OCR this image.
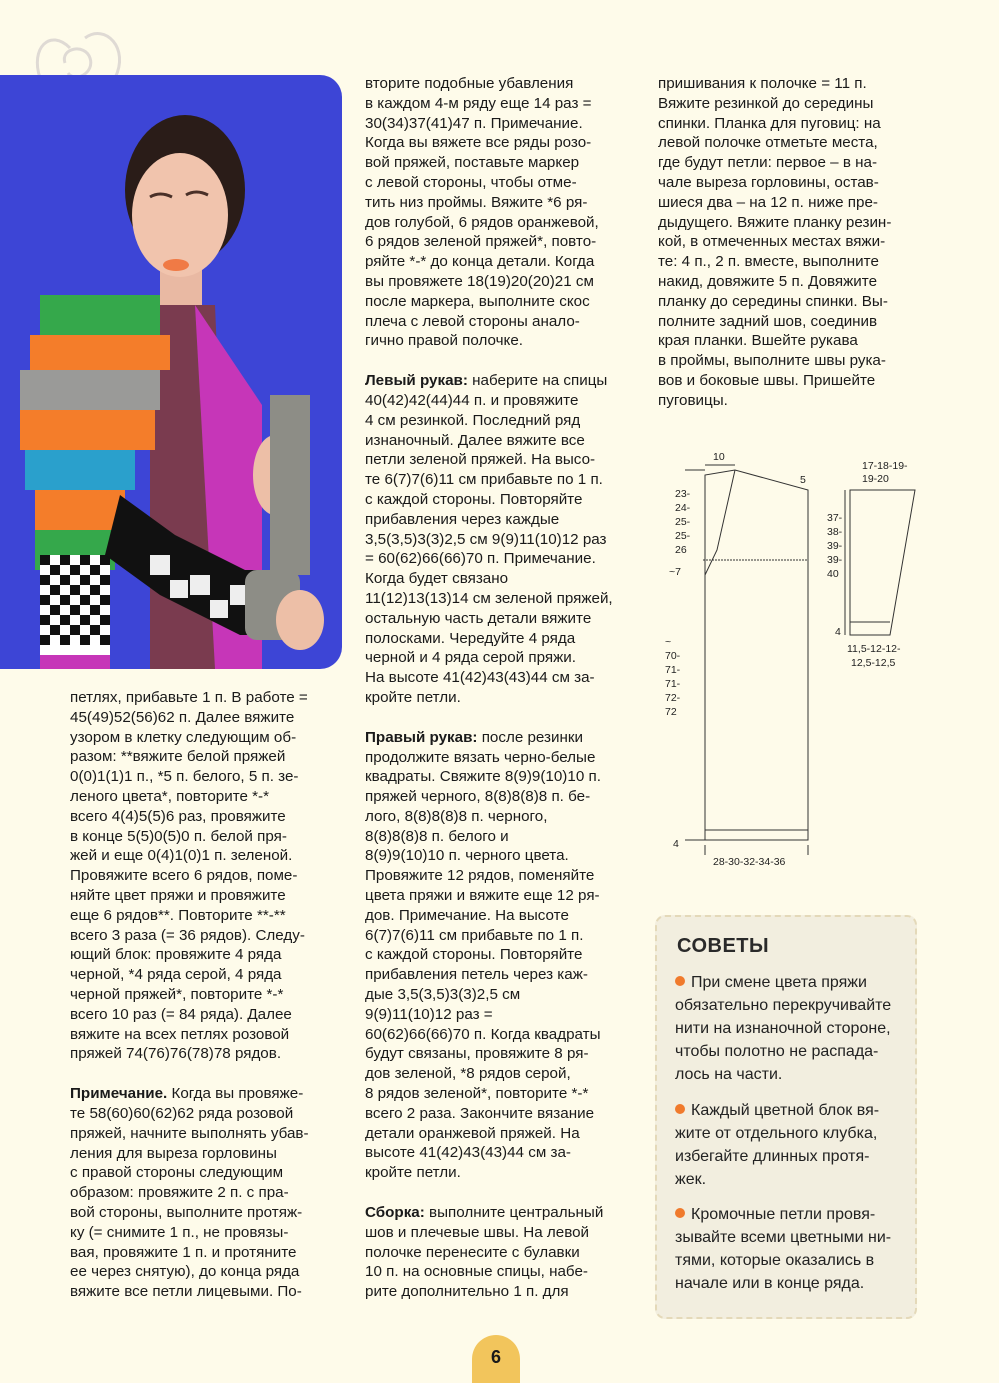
петлях, прибавьте 1 п. В работе =

45(49)52(56)62 п. Далее вяжите

узором в клетку следующим об-

разом: **вяжите белой пряжей

0(0)1(1)1 п., *5 п. белого, 5 п. зе-

леного цвета*, повторите *-*

всего 4(4)5(5)6 раз, провяжите

в конце 5(5)0(5)0 п. белой пря-

жей и еще 0(4)1(0)1 п. зеленой.

Провяжите всего 6 рядов, поме-

няйте цвет пряжи и провяжите

еще 6 рядов**. Повторите **-**

всего 3 раза (= 36 рядов). Следу-

ющий блок: провяжите 4 ряда

черной, *4 ряда серой, 4 ряда

черной пряжей*, повторите *-*

всего 10 раз (= 84 ряда). Далее

вяжите на всех петлях розовой

пряжей 74(76)76(78)78 рядов.

Примечание. Когда вы провяже-

те 58(60)60(62)62 ряда розовой

пряжей, начните выполнять убав-

ления для выреза горловины

с правой стороны следующим

образом: провяжите 2 п. с пра-

вой стороны, выполните протяж-

ку (= снимите 1 п., не провязы-

вая, провяжите 1 п. и протяните

ее через снятую), до конца ряда

вяжите все петли лицевыми. По-

вторите подобные убавления

в каждом 4-м ряду еще 14 раз =

30(34)37(41)47 п. Примечание.

Когда вы вяжете все ряды розо-

вой пряжей, поставьте маркер

с левой стороны, чтобы отме-

тить низ проймы. Вяжите *6 ря-

дов голубой, 6 рядов оранжевой,

6 рядов зеленой пряжей*, повто-

ряйте *-* до конца детали. Когда

вы провяжете 18(19)20(20)21 см

после маркера, выполните скос

плеча с левой стороны анало-

гично правой полочке.

Левый рукав: наберите на спицы

40(42)42(44)44 п. и провяжите

4 см резинкой. Последний ряд

изнаночный. Далее вяжите все

петли зеленой пряжей. На высо-

те 6(7)7(6)11 см прибавьте по 1 п.

с каждой стороны. Повторяйте

прибавления через каждые

3,5(3,5)3(3)2,5 см 9(9)11(10)12 раз

= 60(62)66(66)70 п. Примечание.

Когда будет связано

11(12)13(13)14 см зеленой пряжей,

остальную часть детали вяжите

полосками. Чередуйте 4 ряда

черной и 4 ряда серой пряжи.

На высоте 41(42)43(43)44 см за-

кройте петли.

Правый рукав: после резинки

продолжите вязать черно-белые

квадраты. Свяжите 8(9)9(10)10 п.

пряжей черного, 8(8)8(8)8 п. бе-

лого, 8(8)8(8)8 п. черного,

8(8)8(8)8 п. белого и

8(9)9(10)10 п. черного цвета.

Провяжите 12 рядов, поменяйте

цвета пряжи и вяжите еще 12 ря-

дов. Примечание. На высоте

6(7)7(6)11 см прибавьте по 1 п.

с каждой стороны. Повторяйте

прибавления петель через каж-

дые 3,5(3,5)3(3)2,5 см

9(9)11(10)12 раз =

60(62)66(66)70 п. Когда квадраты

будут связаны, провяжите 8 ря-

дов зеленой, *8 рядов серой,

8 рядов зеленой*, повторите *-*

всего 2 раза. Закончите вязание

детали оранжевой пряжей. На

высоте 41(42)43(43)44 см за-

кройте петли.

Сборка: выполните центральный

шов и плечевые швы. На левой

полочке перенесите с булавки

10 п. на основные спицы, набе-

рите дополнительно 1 п. для

пришивания к полочке = 11 п.

Вяжите резинкой до середины

спинки. Планка для пуговиц: на

левой полочке отметьте места,

где будут петли: первое – в на-

чале выреза горловины, остав-

шиеся два – на 12 п. ниже пре-

дыдущего. Вяжите планку резин-

кой, в отмеченных местах вяжи-

те: 4 п., 2 п. вместе, выполните

накид, довяжите 5 п. Довяжите

планку до середины спинки. Вы-

полните задний шов, соединив

края планки. Вшейте рукава

в проймы, выполните швы рука-

вов и боковые швы. Пришейте

пуговицы.

10
5
23-
24-
25-
25-
26
~7
~
70-
71-
71-
72-
72
4
28-30-32-34-36
17-18-19-
19-20
37-
38-
39-
39-
40
4
11,5-12-12-
12,5-12,5
СОВЕТЫ

При смене цвета пряжи

обязательно перекручивайте

нити на изнаночной стороне,

чтобы полотно не распада-

лось на части.

Каждый цветной блок вя-

жите от отдельного клубка,

избегайте длинных протя-

жек.

Кромочные петли провя-

зывайте всеми цветными ни-

тями, которые оказались в

начале или в конце ряда.

6
